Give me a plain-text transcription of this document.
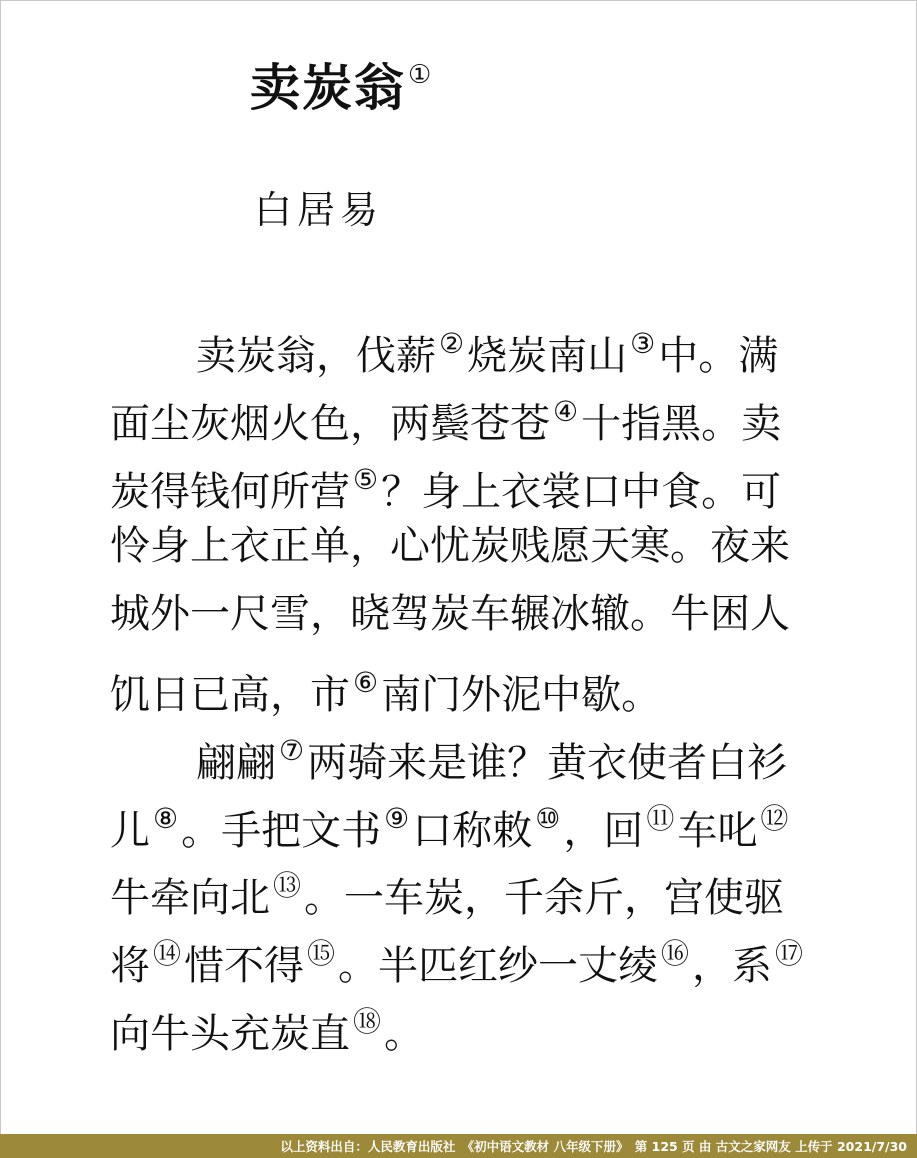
卖炭翁①
白居易
卖炭翁，伐薪 ②烧炭南山 ③中。满
面尘灰烟火色，两鬓苍苍 ④十指黑。卖
炭得钱何所营 ⑤？身上衣裳口中食。可
怜身上衣正单，心忧炭贱愿天寒。夜来
城外一尺雪，晓驾炭车辗冰辙。牛困人
饥日已高，市 ⑥南门外泥中歇。
翩翩 ⑦两骑来是谁？黄衣使者白衫
儿 ⑧。手把文书 ⑨口称敕 ⑩，回 ⑪车叱 ⑫
牛牵向北 ⑬。一车炭，千余斤，宫使驱
将 ⑭惜不得 ⑮。半匹红纱一丈绫 ⑯，系 ⑰
向牛头充炭直 ⑱。
以上资料出自：人民教育出版社　《初中语文教材 八年级下册》　第 125 页 由 古文之家网友 上传于 2021/7/30
